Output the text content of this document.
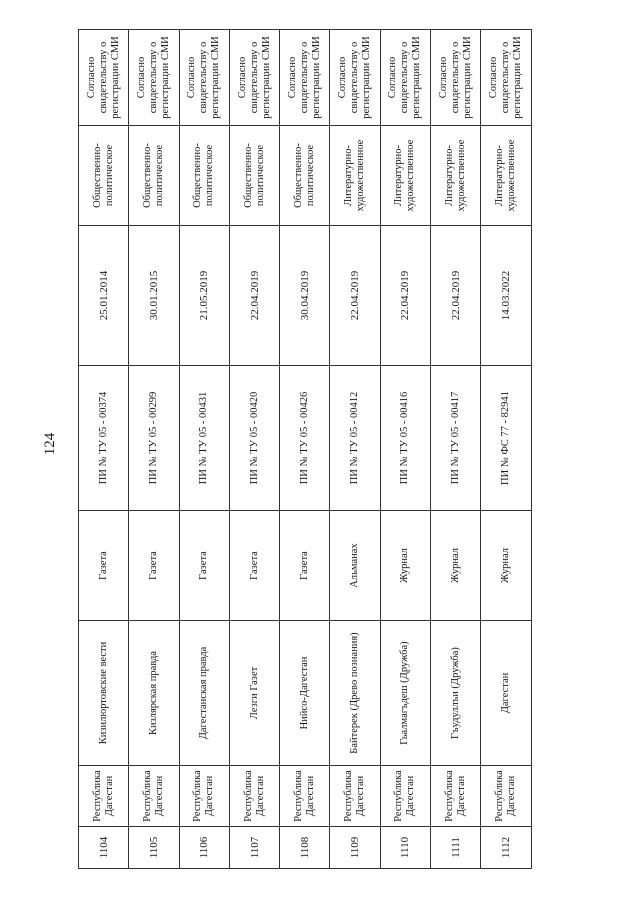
124
1104	Республика Дагестан	Кизилюртовские вести	Газета	ПИ № ТУ 05 - 00374	25.01.2014	Общественно-политическое	Согласно свидетельству о регистрации СМИ
1105	Республика Дагестан	Кизлярская правда	Газета	ПИ № ТУ 05 - 00299	30.01.2015	Общественно-политическое	Согласно свидетельству о регистрации СМИ
1106	Республика Дагестан	Дагестанская правда	Газета	ПИ № ТУ 05 - 00431	21.05.2019	Общественно-политическое	Согласно свидетельству о регистрации СМИ
1107	Республика Дагестан	Лезги Газет	Газета	ПИ № ТУ 05 - 00420	22.04.2019	Общественно-политическое	Согласно свидетельству о регистрации СМИ
1108	Республика Дагестан	Нийсо-Дагестан	Газета	ПИ № ТУ 05 - 00426	30.04.2019	Общественно-политическое	Согласно свидетельству о регистрации СМИ
1109	Республика Дагестан	Байтерек (Древо познания)	Альманах	ПИ № ТУ 05 - 00412	22.04.2019	Литературно-художественное	Согласно свидетельству о регистрации СМИ
1110	Республика Дагестан	Гьалмагъдеш (Дружба)	Журнал	ПИ № ТУ 05 - 00416	22.04.2019	Литературно-художественное	Согласно свидетельству о регистрации СМИ
1111	Республика Дагестан	Гъудуллъи (Дружба)	Журнал	ПИ № ТУ 05 - 00417	22.04.2019	Литературно-художественное	Согласно свидетельству о регистрации СМИ
1112	Республика Дагестан	Дагестан	Журнал	ПИ № ФС 77 - 82941	14.03.2022	Литературно-художественное	Согласно свидетельству о регистрации СМИ
